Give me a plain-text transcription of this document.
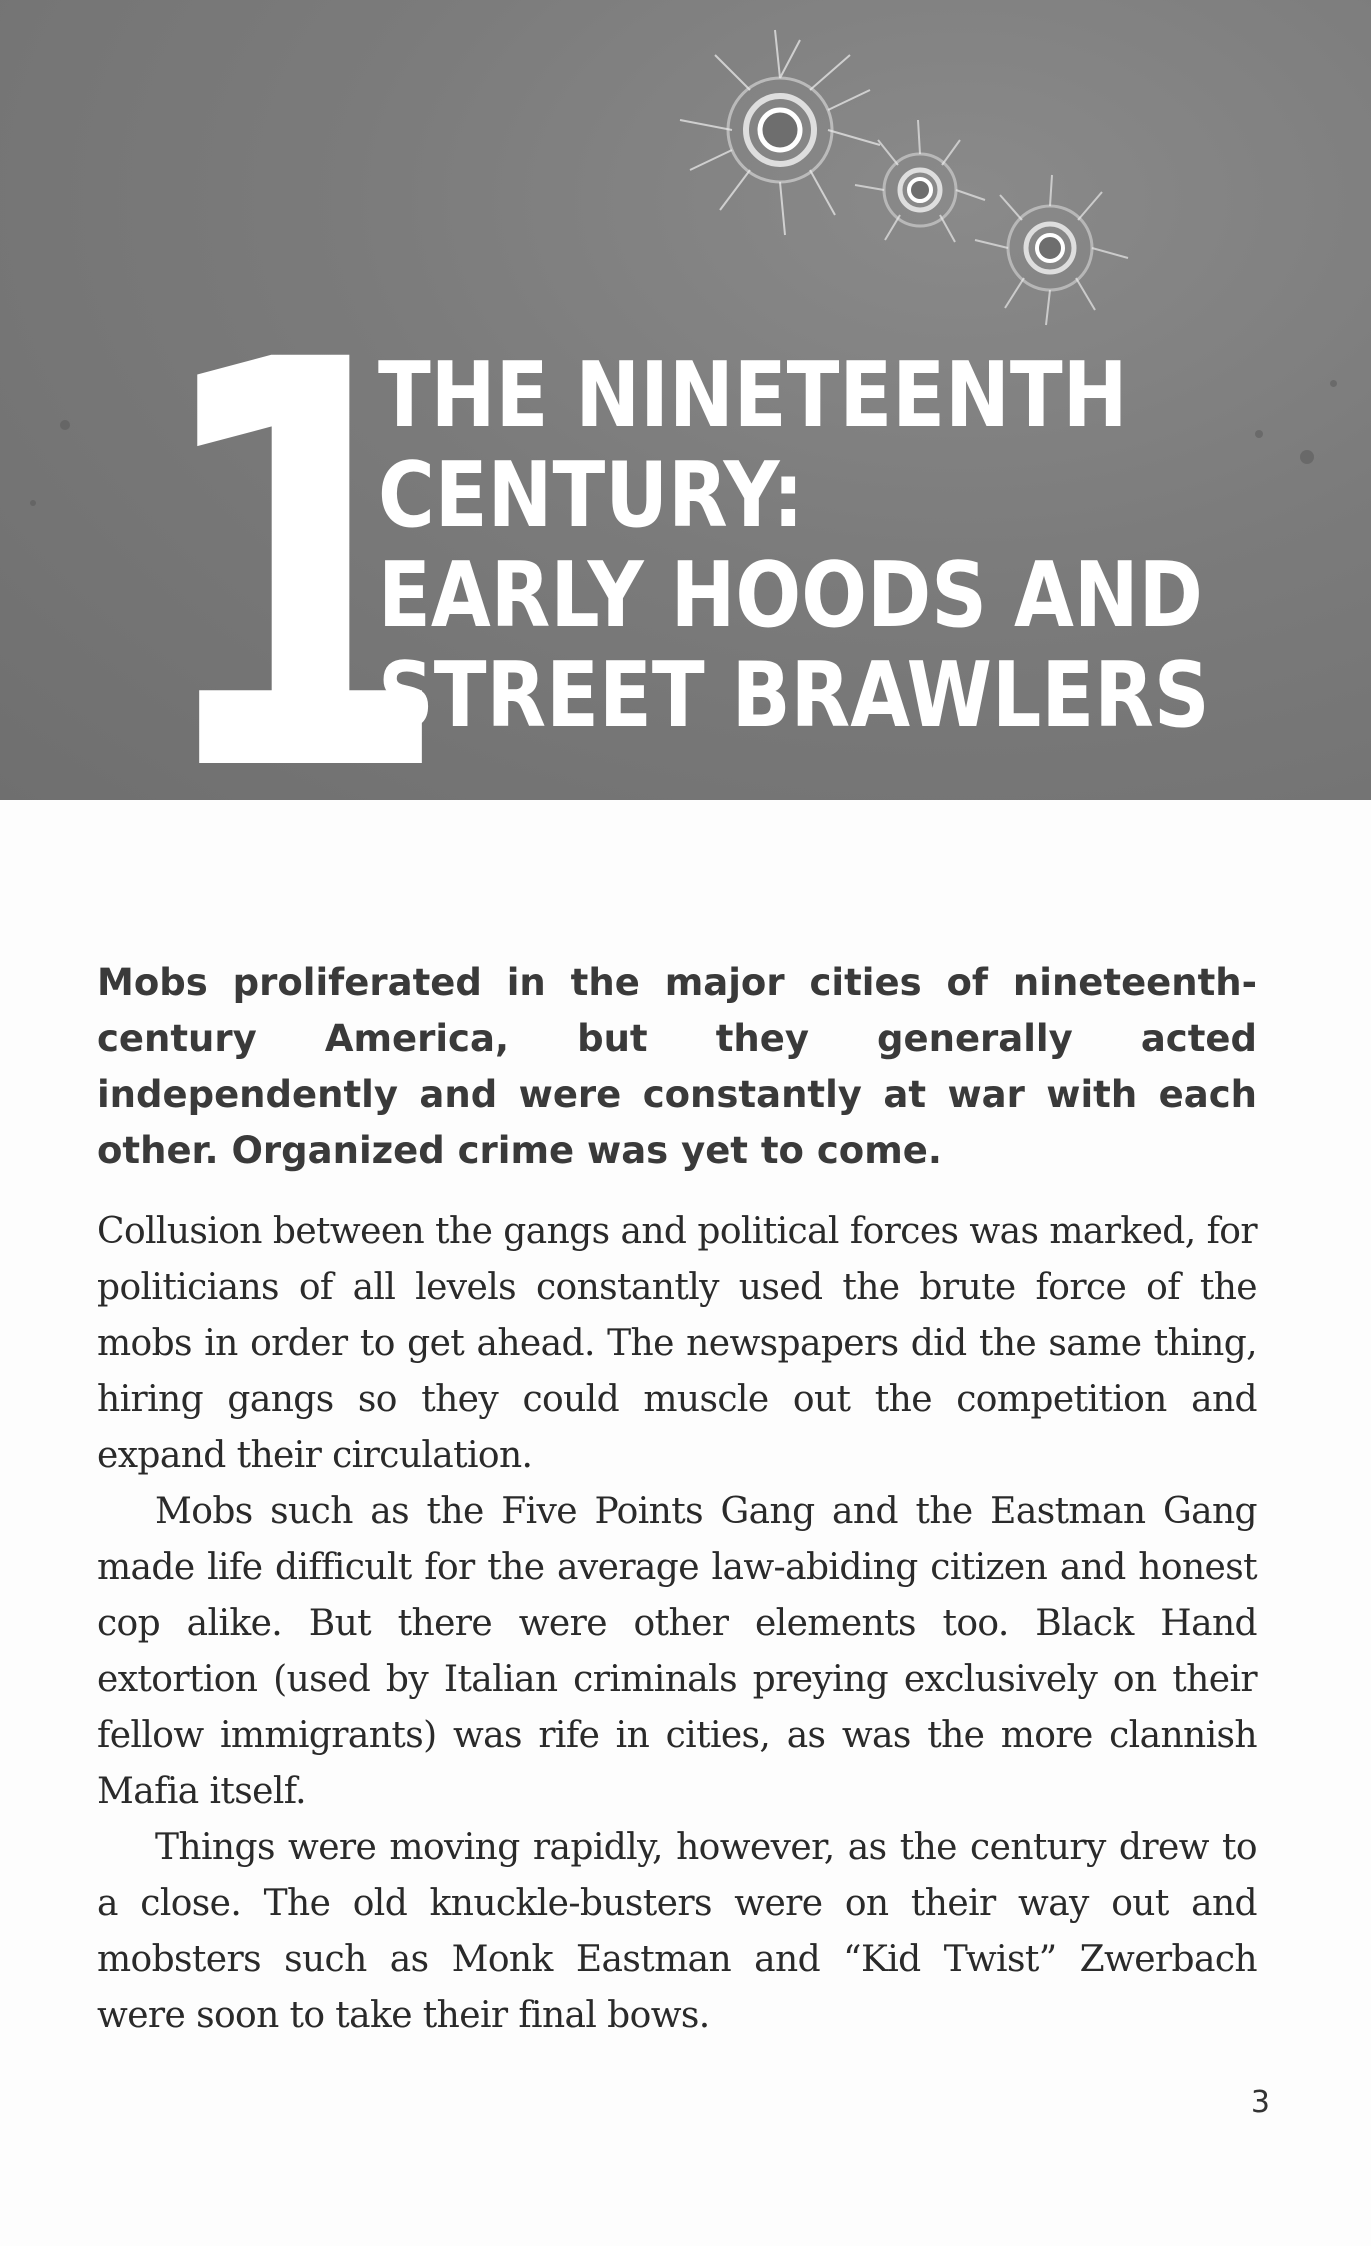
1
THE NINETEENTH
CENTURY:
EARLY HOODS AND
STREET BRAWLERS

Mobs proliferated in the major cities of nineteenth-century America, but they generally acted independently and were constantly at war with each other. Organized crime was yet to come.

Collusion between the gangs and political forces was marked, for politicians of all levels constantly used the brute force of the mobs in order to get ahead. The newspapers did the same thing, hiring gangs so they could muscle out the competition and expand their circulation.

Mobs such as the Five Points Gang and the Eastman Gang made life difficult for the average law-abiding citizen and honest cop alike. But there were other elements too. Black Hand extortion (used by Italian criminals preying exclusively on their fellow immigrants) was rife in cities, as was the more clannish Mafia itself.

Things were moving rapidly, however, as the century drew to a close. The old knuckle-busters were on their way out and mobsters such as Monk Eastman and “Kid Twist” Zwerbach were soon to take their final bows.

3
